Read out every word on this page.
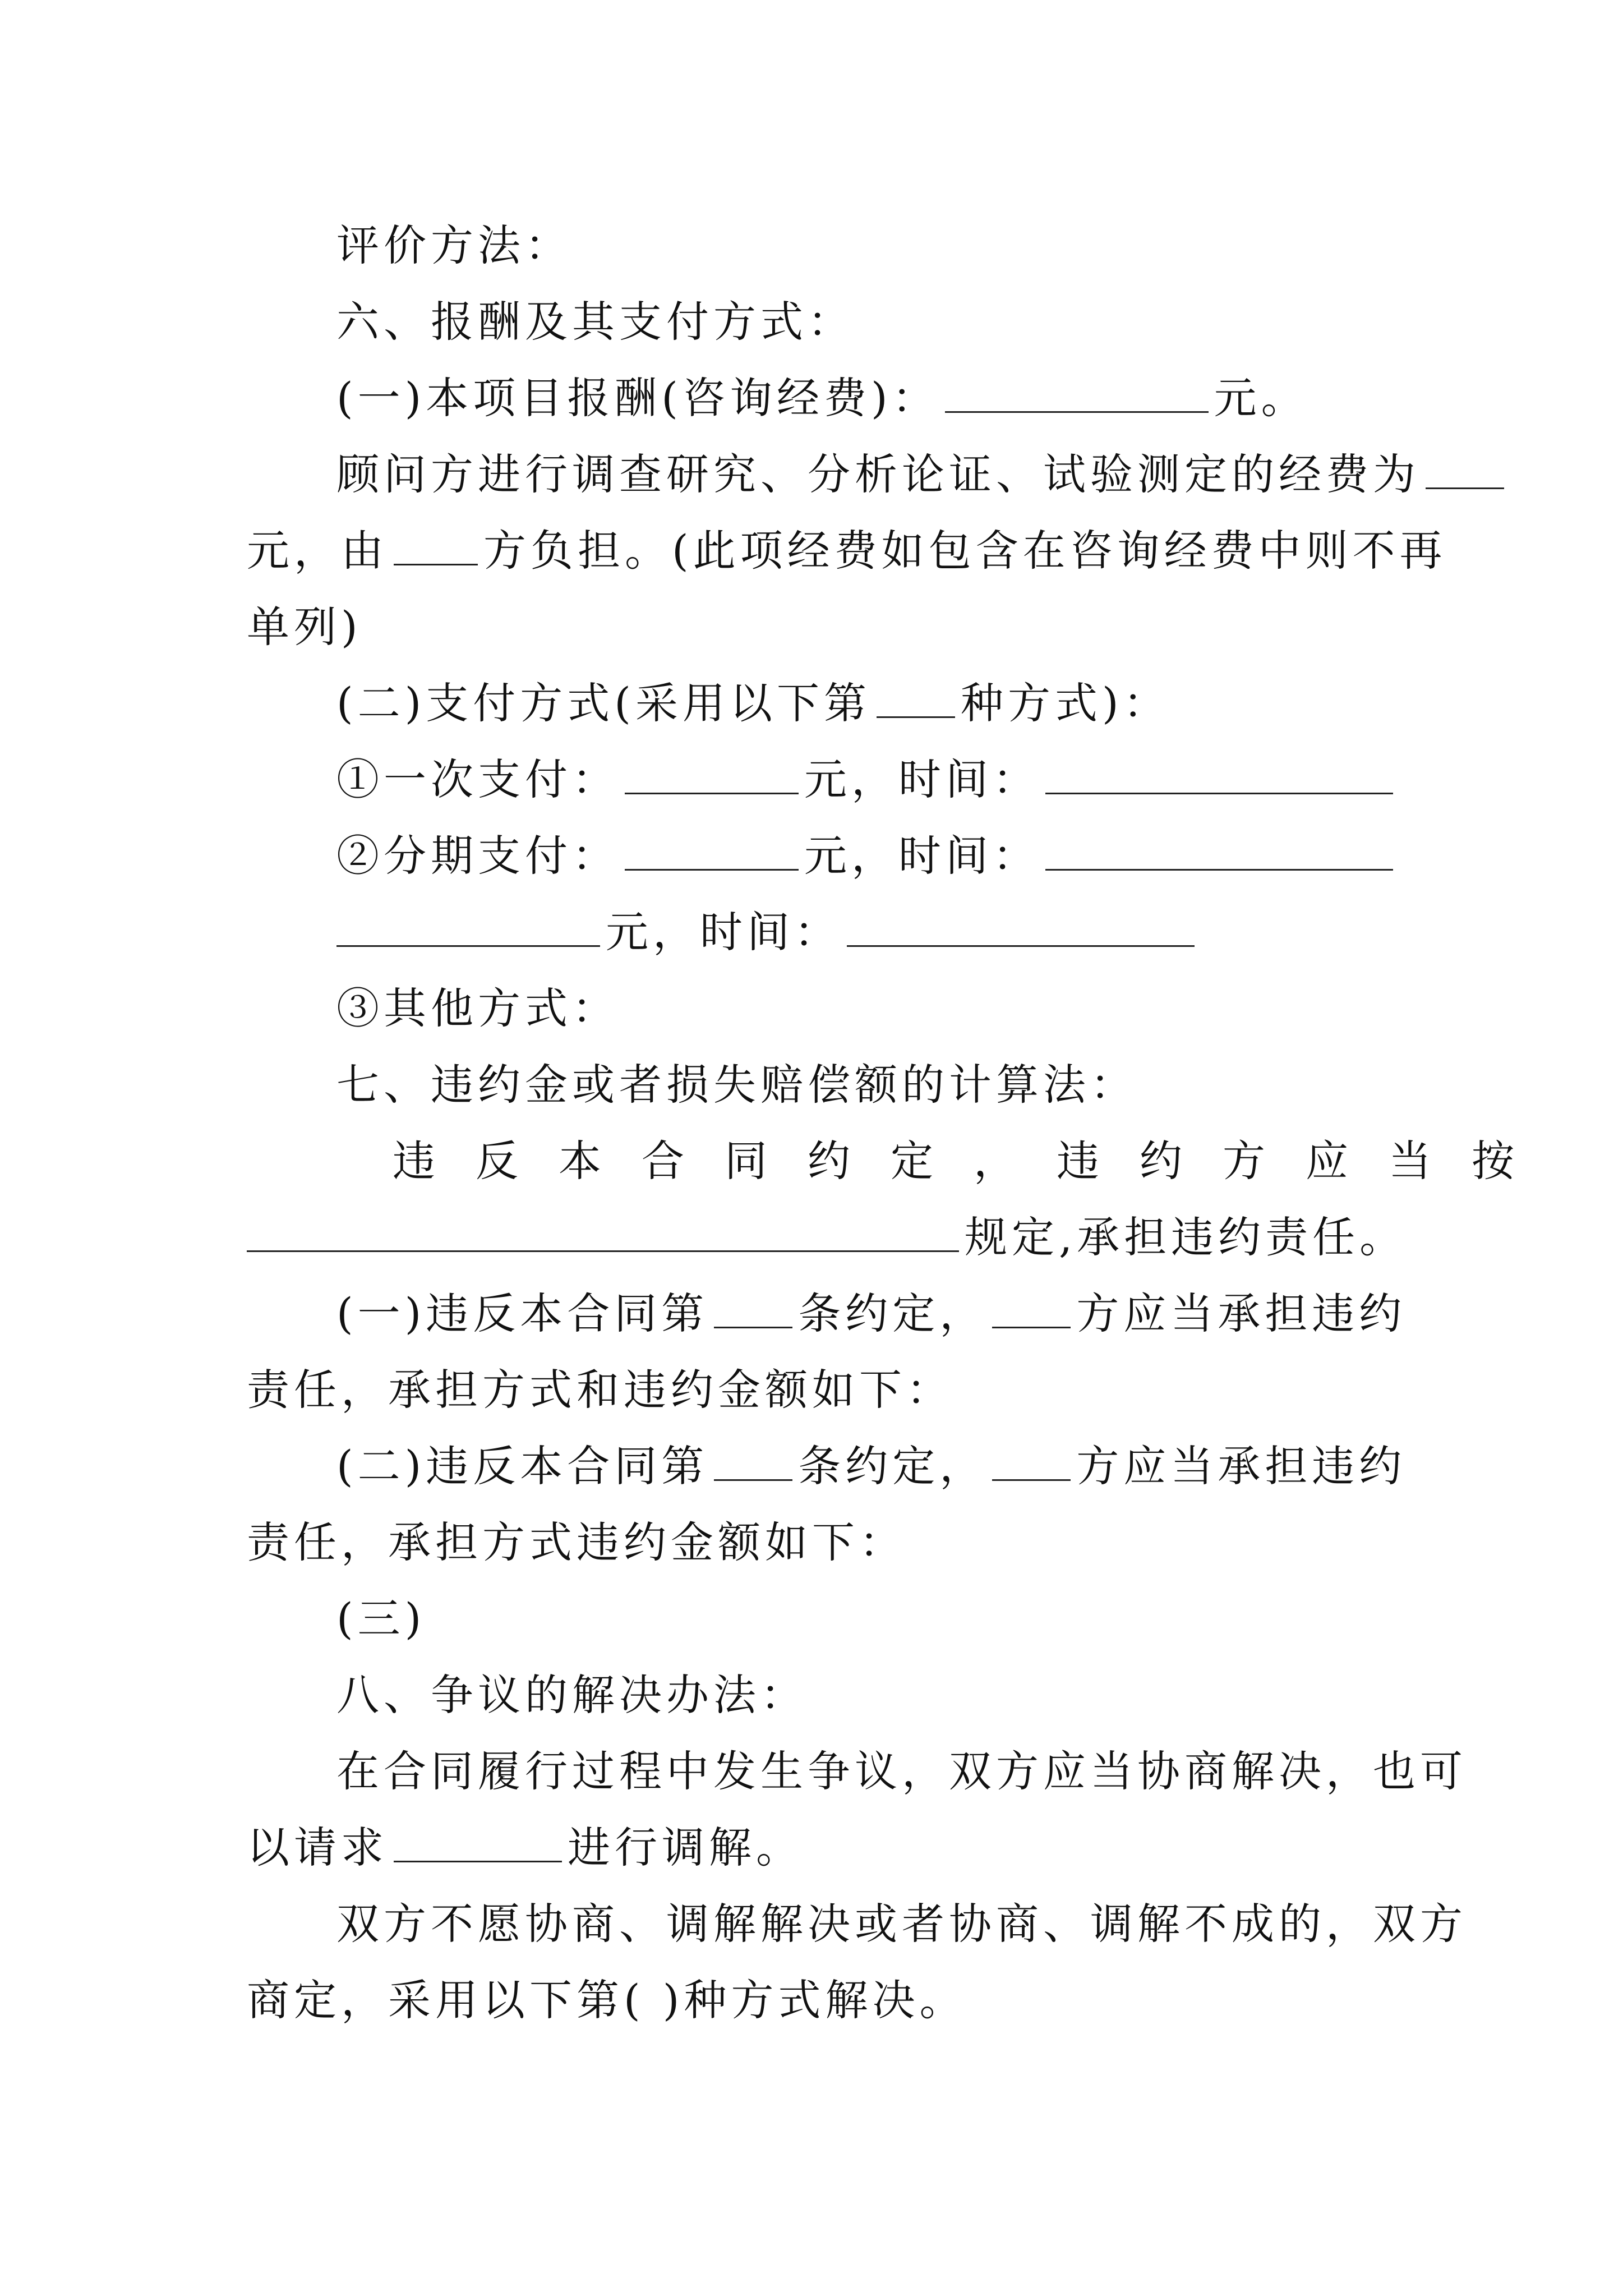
评价方法：
六、报酬及其支付方式：
(一)本项目报酬(咨询经费)：	元。
顾问方进行调查研究、分析论证、试验测定的经费为
元，由 方负担。(此项经费如包含在咨询经费中则不再
单列)
(二)支付方式(采用以下第 种方式)：
①一次支付：	元，时间：
②分期支付：	元，时间：
元，时间：
③其他方式：
七、违约金或者损失赔偿额的计算法：
违反本合同约定，违约方应当按
规定,承担违约责任。
(一)违反本合同第 条约定， 方应当承担违约
责任，承担方式和违约金额如下：
(二)违反本合同第 条约定， 方应当承担违约
责任，承担方式违约金额如下：
(三)
八、争议的解决办法：
在合同履行过程中发生争议，双方应当协商解决，也可
以请求	进行调解。
双方不愿协商、调解解决或者协商、调解不成的，双方
商定，采用以下第( )种方式解决。
